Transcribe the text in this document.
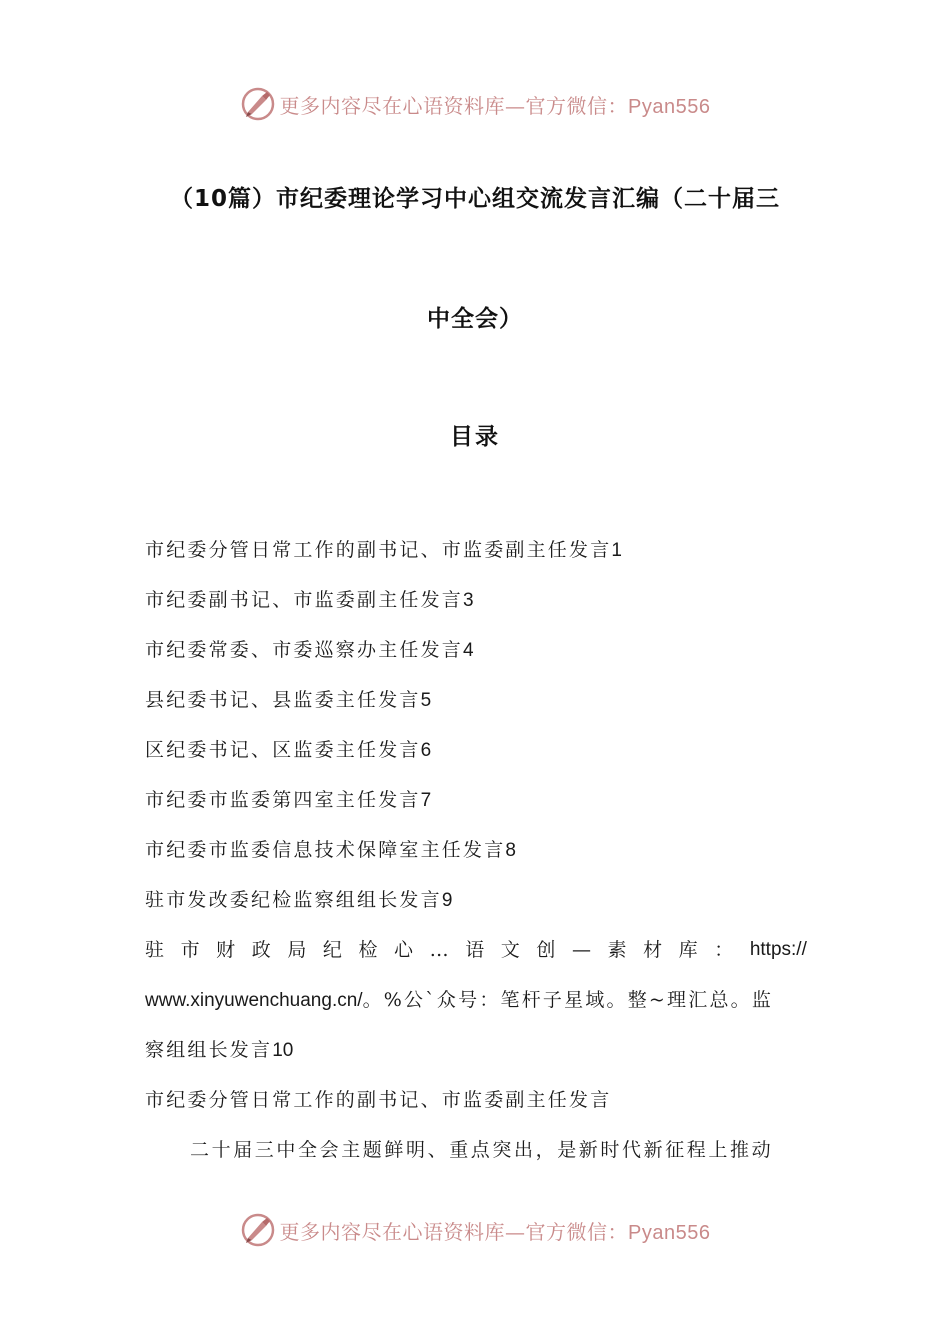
更多内容尽在心语资料库—官方微信：Pyan556
（10篇）市纪委理论学习中心组交流发言汇编（二十届三
中全会）
目录
市纪委分管日常工作的副书记、市监委副主任发言1
市纪委副书记、市监委副主任发言3
市纪委常委、市委巡察办主任发言4
县纪委书记、县监委主任发言5
区纪委书记、区监委主任发言6
市纪委市监委第四室主任发言7
市纪委市监委信息技术保障室主任发言8
驻市发改委纪检监察组组长发言9
驻 市 财 政 局 纪 检 心 … 语 文 创 — 素 材 库 ： https://
www.xinyuwenchuang.cn/。%公`众号：笔杆子星域。整~理汇总。监
察组组长发言10
市纪委分管日常工作的副书记、市监委副主任发言
二十届三中全会主题鲜明、重点突出，是新时代新征程上推动
更多内容尽在心语资料库—官方微信：Pyan556
